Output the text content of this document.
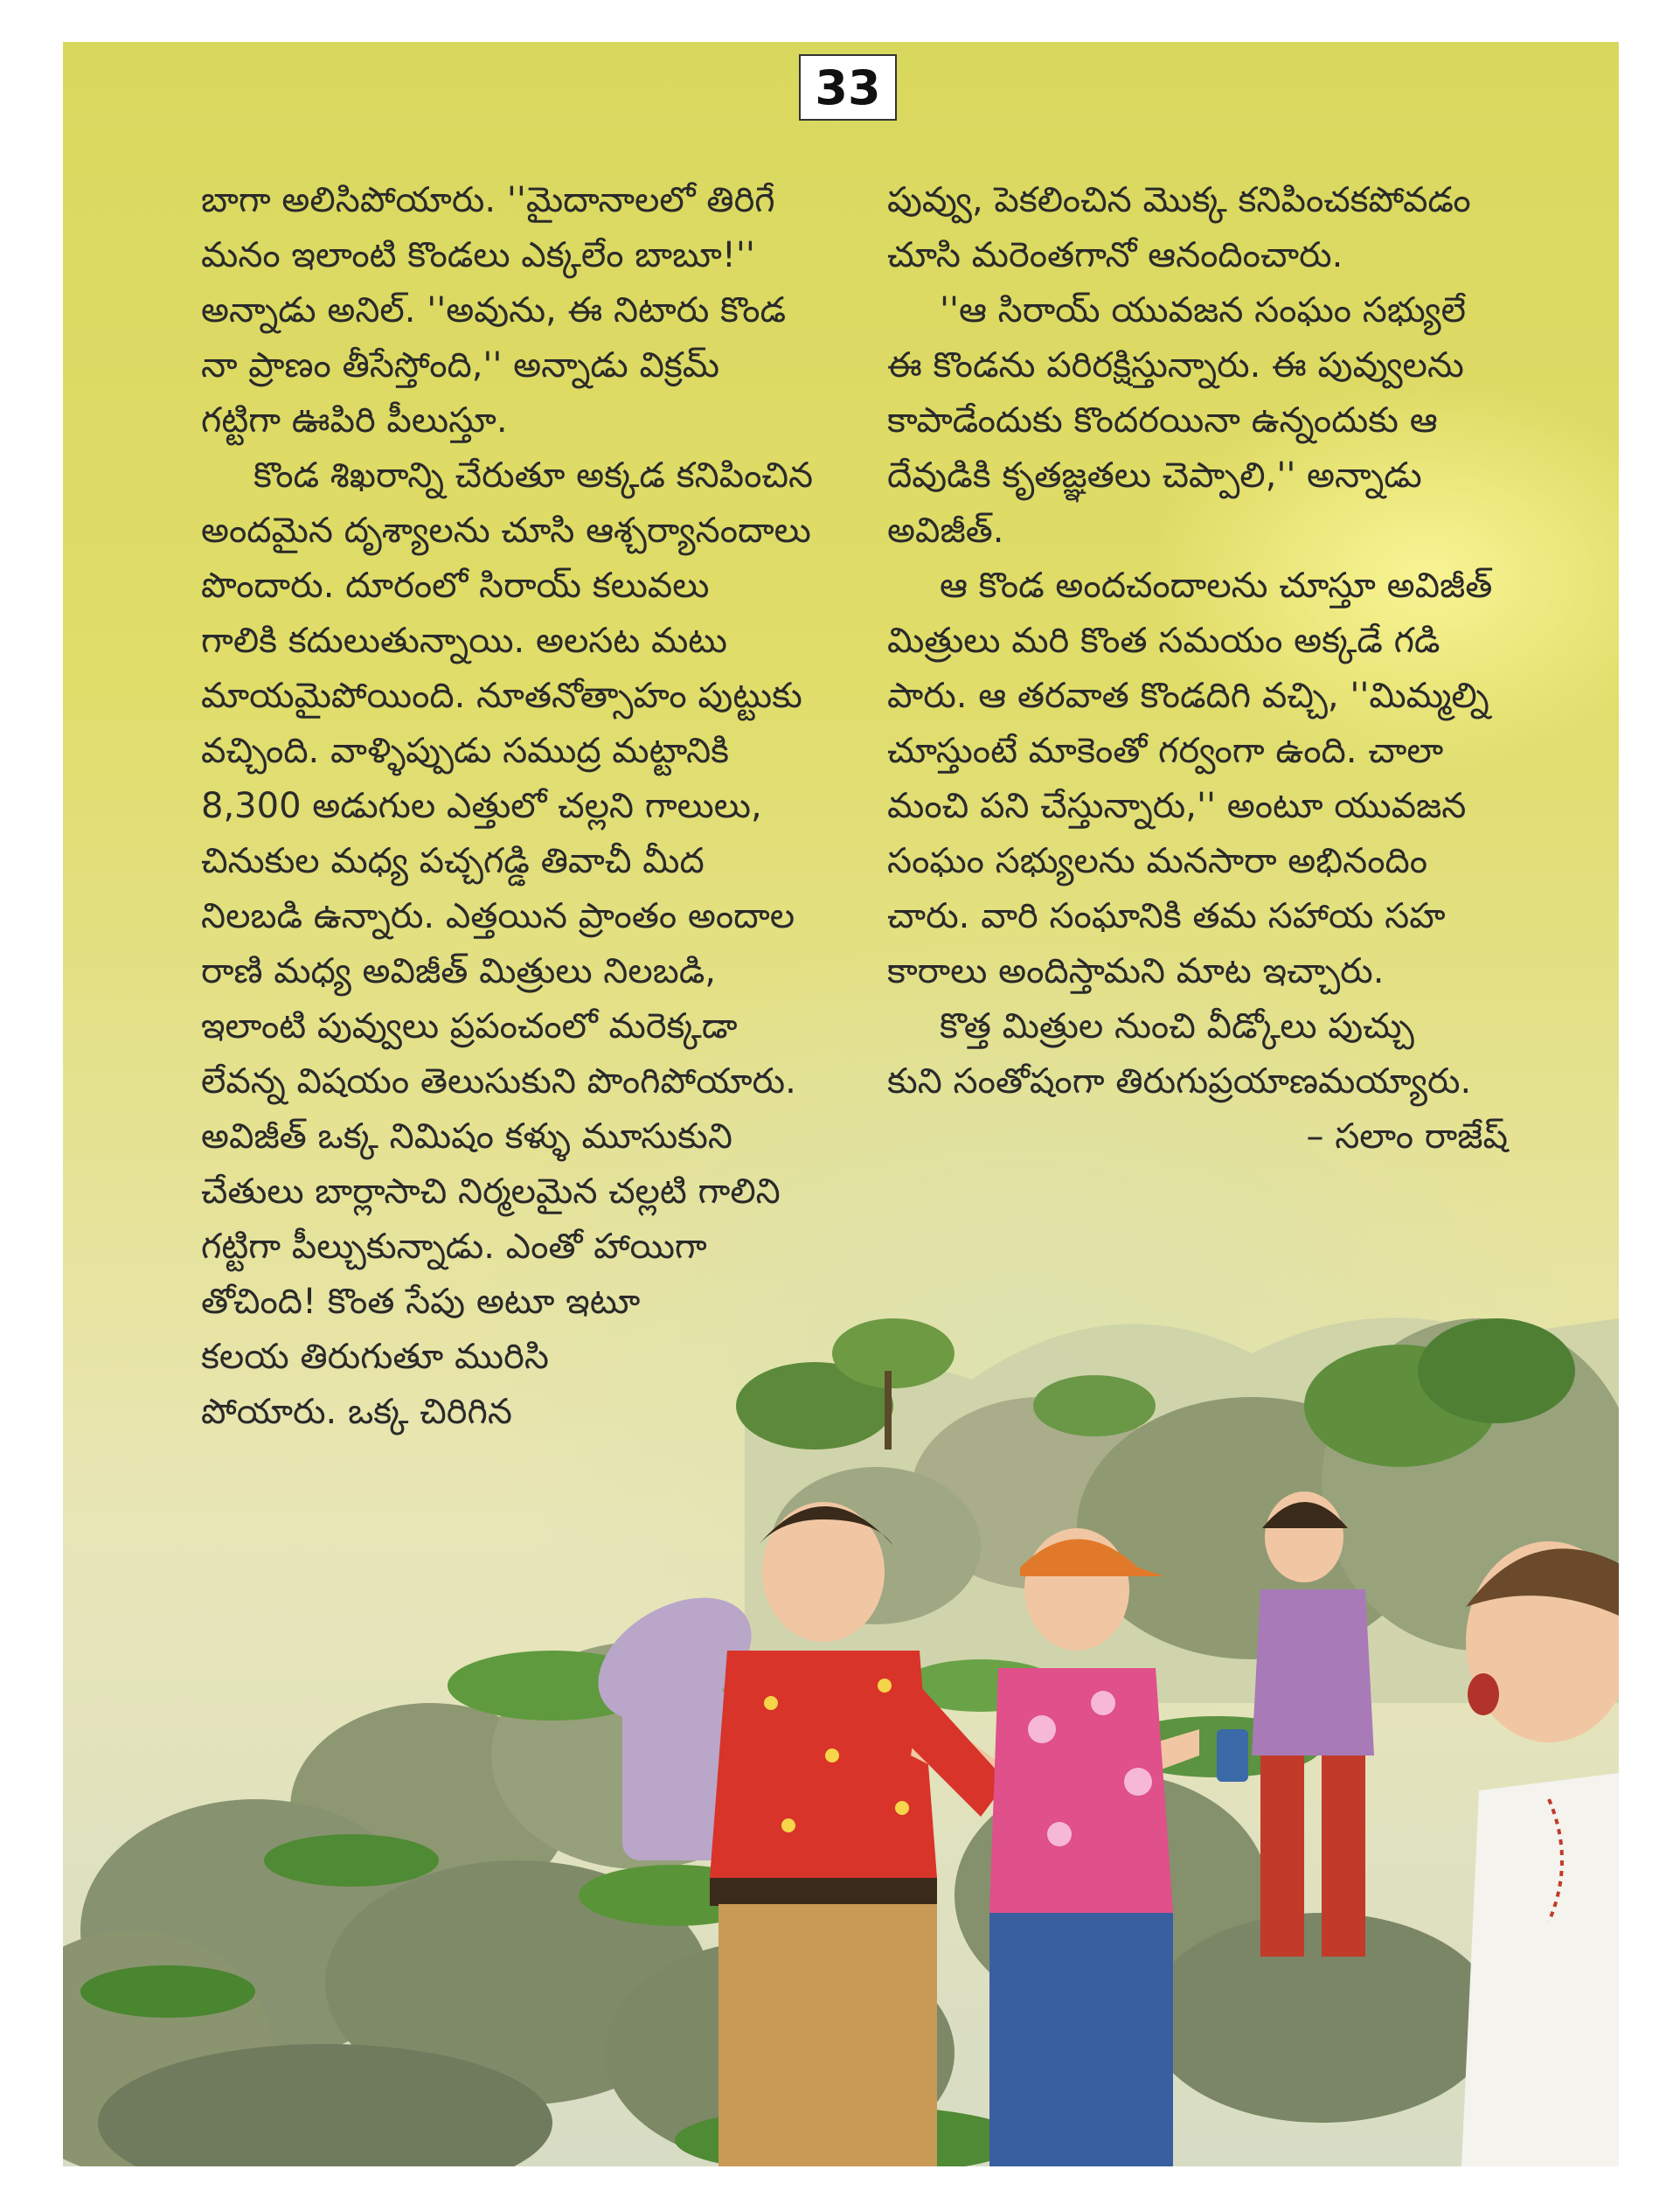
33
బాగా అలిసిపోయారు. ''మైదానాలలో తిరిగే
మనం ఇలాంటి కొండలు ఎక్కలేం బాబూ!''
అన్నాడు అనిల్. ''అవును, ఈ నిటారు కొండ
నా ప్రాణం తీసేస్తోంది,'' అన్నాడు విక్రమ్
గట్టిగా ఊపిరి పీలుస్తూ.
కొండ శిఖరాన్ని చేరుతూ అక్కడ కనిపించిన
అందమైన దృశ్యాలను చూసి ఆశ్చర్యానందాలు
పొందారు. దూరంలో సిరాయ్ కలువలు
గాలికి కదులుతున్నాయి. అలసట మటు
మాయమైపోయింది. నూతనోత్సాహం పుట్టుకు
వచ్చింది. వాళ్ళిప్పుడు సముద్ర మట్టానికి
8,300 అడుగుల ఎత్తులో చల్లని గాలులు,
చినుకుల మధ్య పచ్చగడ్డి తివాచీ మీద
నిలబడి ఉన్నారు. ఎత్తయిన ప్రాంతం అందాల
రాణి మధ్య అవిజీత్ మిత్రులు నిలబడి,
ఇలాంటి పువ్వులు ప్రపంచంలో మరెక్కడా
లేవన్న విషయం తెలుసుకుని పొంగిపోయారు.
అవిజీత్ ఒక్క నిమిషం కళ్ళు మూసుకుని
చేతులు బార్లాసాచి నిర్మలమైన చల్లటి గాలిని
గట్టిగా పీల్చుకున్నాడు. ఎంతో హాయిగా
తోచింది! కొంత సేపు అటూ ఇటూ
కలయ తిరుగుతూ మురిసి
పోయారు. ఒక్క చిరిగిన
పువ్వు, పెకలించిన మొక్క కనిపించకపోవడం
చూసి మరెంతగానో ఆనందించారు.
''ఆ సిరాయ్ యువజన సంఘం సభ్యులే
ఈ కొండను పరిరక్షిస్తున్నారు. ఈ పువ్వులను
కాపాడేందుకు కొందరయినా ఉన్నందుకు ఆ
దేవుడికి కృతజ్ఞతలు చెప్పాలి,'' అన్నాడు
అవిజీత్.
ఆ కొండ అందచందాలను చూస్తూ అవిజీత్
మిత్రులు మరి కొంత సమయం అక్కడే గడి
పారు. ఆ తరవాత కొండదిగి వచ్చి, ''మిమ్మల్ని
చూస్తుంటే మాకెంతో గర్వంగా ఉంది. చాలా
మంచి పని చేస్తున్నారు,'' అంటూ యువజన
సంఘం సభ్యులను మనసారా అభినందిం
చారు. వారి సంఘానికి తమ సహాయ సహ
కారాలు అందిస్తామని మాట ఇచ్చారు.
కొత్త మిత్రుల నుంచి వీడ్కోలు పుచ్చు
కుని సంతోషంగా తిరుగుప్రయాణమయ్యారు.
– సలాం రాజేష్
